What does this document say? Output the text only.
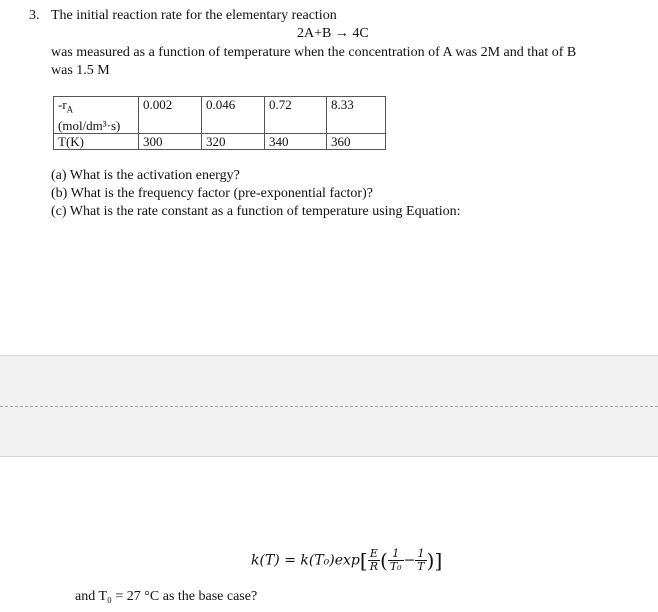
3. The initial reaction rate for the elementary reaction
2A+B → 4C
was measured as a function of temperature when the concentration of A was 2M and that of B
was 1.5 M
$-r_A$
(mol/dm³·s)	0.002	0.046	0.72	8.33
T(K)	300	320	340	360
(a) What is the activation energy?
(b) What is the frequency factor (pre-exponential factor)?
(c) What is the rate constant as a function of temperature using Equation:
$k(T) = k(T_0)\exp[ \frac{E}{R}$ ( $\frac{1}{\text{T₀}} - \frac{1}{T}$ )]
and T₀ = 27 °C as the base case?
